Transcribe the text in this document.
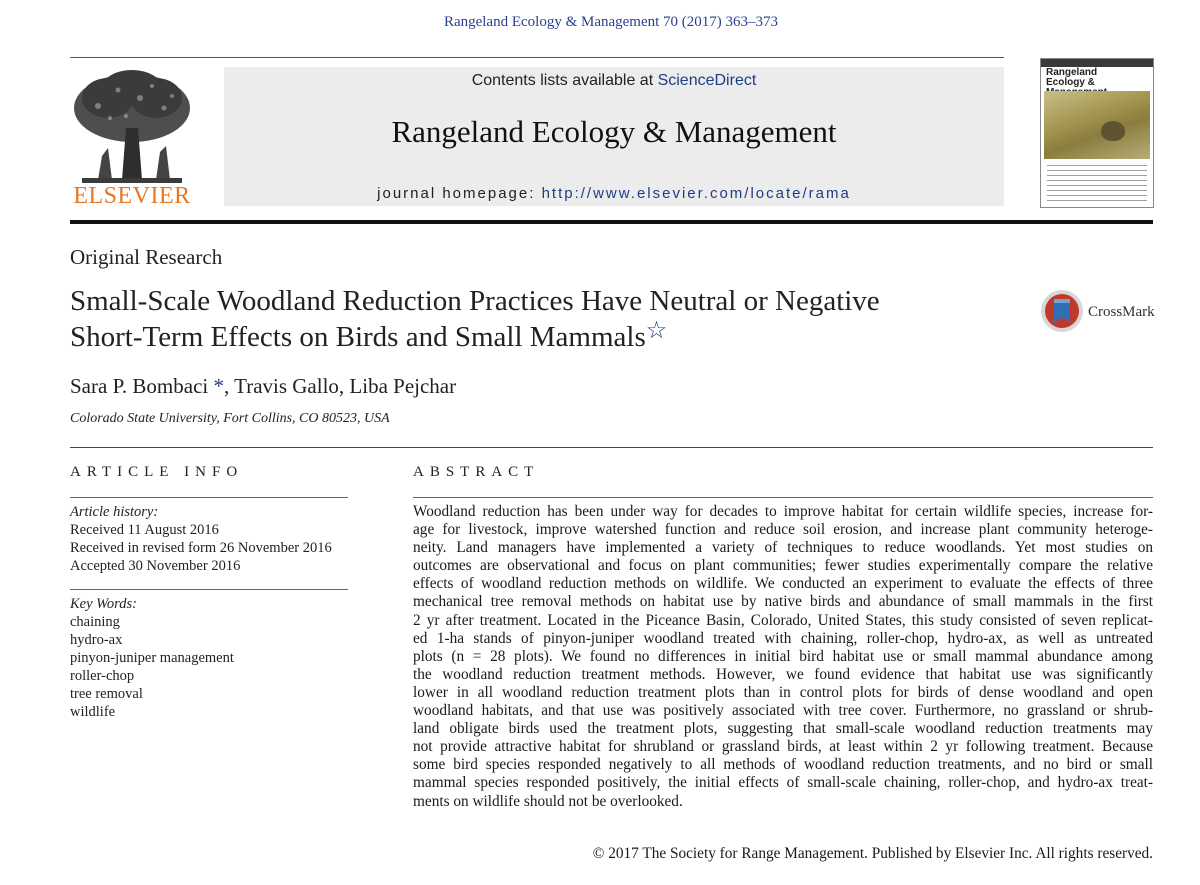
Rangeland Ecology & Management 70 (2017) 363–373
ELSEVIER
Contents lists available at ScienceDirect
Rangeland Ecology & Management
journal homepage: http://www.elsevier.com/locate/rama
Rangeland
Ecology &
Original Research
Small-Scale Woodland Reduction Practices Have Neutral or Negative
Short-Term Effects on Birds and Small Mammals☆
CrossMark
Sara P. Bombaci *, Travis Gallo, Liba Pejchar
Colorado State University, Fort Collins, CO 80523, USA
ARTICLE INFO
Article history:
Received 11 August 2016
Received in revised form 26 November 2016
Accepted 30 November 2016
Key Words:
chaining
hydro-ax
pinyon-juniper management
roller-chop
tree removal
wildlife
ABSTRACT
Woodland reduction has been under way for decades to improve habitat for certain wildlife species, increase for-
age for livestock, improve watershed function and reduce soil erosion, and increase plant community heteroge-
neity. Land managers have implemented a variety of techniques to reduce woodlands. Yet most studies on
outcomes are observational and focus on plant communities; fewer studies experimentally compare the relative
effects of woodland reduction methods on wildlife. We conducted an experiment to evaluate the effects of three
mechanical tree removal methods on habitat use by native birds and abundance of small mammals in the first
2 yr after treatment. Located in the Piceance Basin, Colorado, United States, this study consisted of seven replicat-
ed 1-ha stands of pinyon-juniper woodland treated with chaining, roller-chop, hydro-ax, as well as untreated
plots (n = 28 plots). We found no differences in initial bird habitat use or small mammal abundance among
the woodland reduction treatment methods. However, we found evidence that habitat use was significantly
lower in all woodland reduction treatment plots than in control plots for birds of dense woodland and open
woodland habitats, and that use was positively associated with tree cover. Furthermore, no grassland or shrub-
land obligate birds used the treatment plots, suggesting that small-scale woodland reduction treatments may
not provide attractive habitat for shrubland or grassland birds, at least within 2 yr following treatment. Because
some bird species responded negatively to all methods of woodland reduction treatments, and no bird or small
mammal species responded positively, the initial effects of small-scale chaining, roller-chop, and hydro-ax treat-
ments on wildlife should not be overlooked.
© 2017 The Society for Range Management. Published by Elsevier Inc. All rights reserved.
